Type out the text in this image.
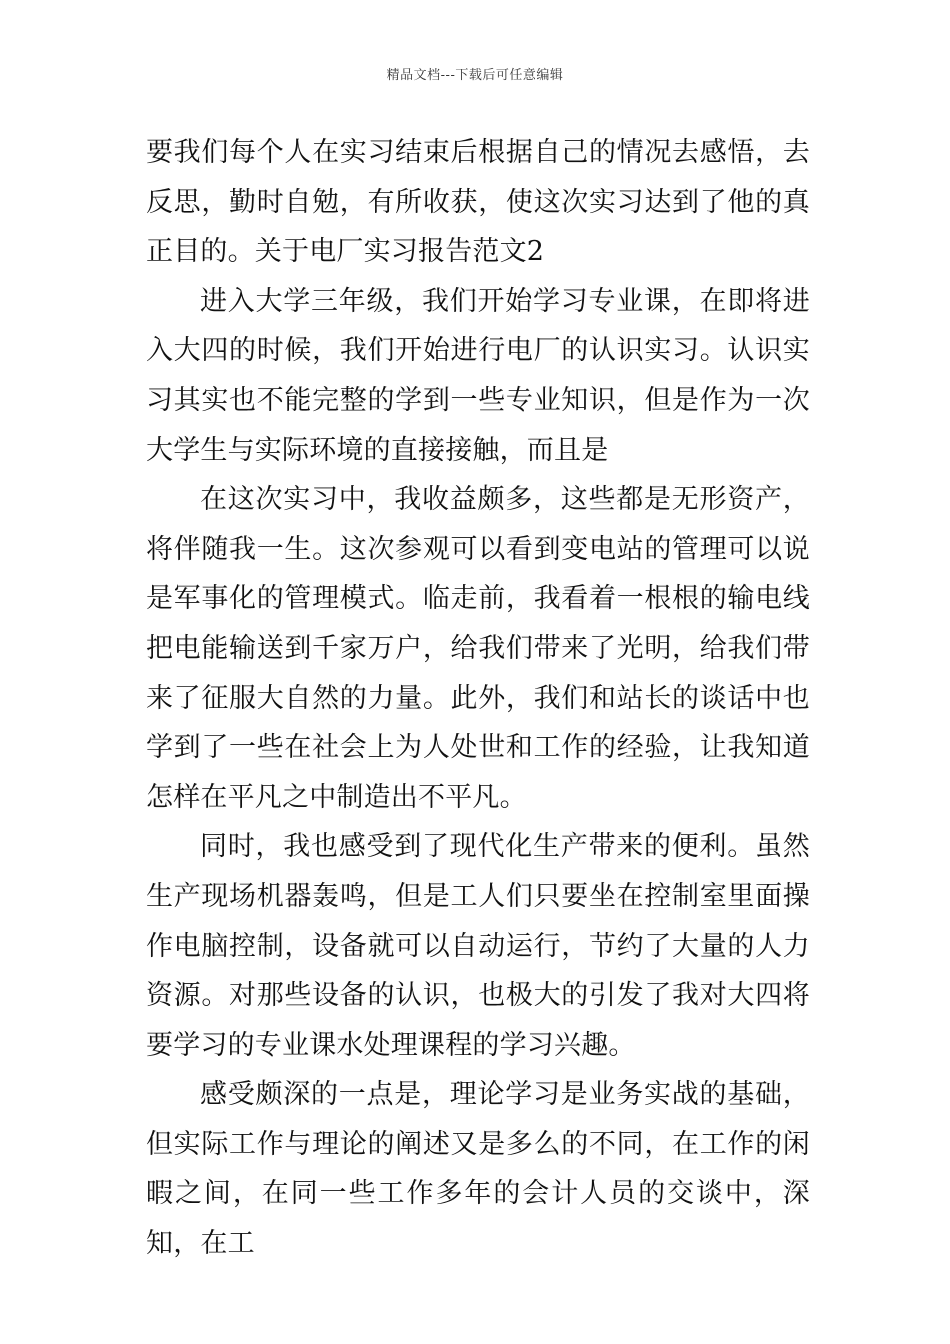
精品文档---下载后可任意编辑

要我们每个人在实习结束后根据自己的情况去感悟，去反思，勤时自勉，有所收获，使这次实习达到了他的真正目的。关于电厂实习报告范文2

进入大学三年级，我们开始学习专业课，在即将进入大四的时候，我们开始进行电厂的认识实习。认识实习其实也不能完整的学到一些专业知识，但是作为一次大学生与实际环境的直接接触，而且是

在这次实习中，我收益颇多，这些都是无形资产，将伴随我一生。这次参观可以看到变电站的管理可以说是军事化的管理模式。临走前，我看着一根根的输电线把电能输送到千家万户，给我们带来了光明，给我们带来了征服大自然的力量。此外，我们和站长的谈话中也学到了一些在社会上为人处世和工作的经验，让我知道怎样在平凡之中制造出不平凡。

同时，我也感受到了现代化生产带来的便利。虽然生产现场机器轰鸣，但是工人们只要坐在控制室里面操作电脑控制，设备就可以自动运行，节约了大量的人力资源。对那些设备的认识，也极大的引发了我对大四将要学习的专业课水处理课程的学习兴趣。

感受颇深的一点是，理论学习是业务实战的基础，但实际工作与理论的阐述又是多么的不同，在工作的闲暇之间，在同一些工作多年的会计人员的交谈中，深知，在工
